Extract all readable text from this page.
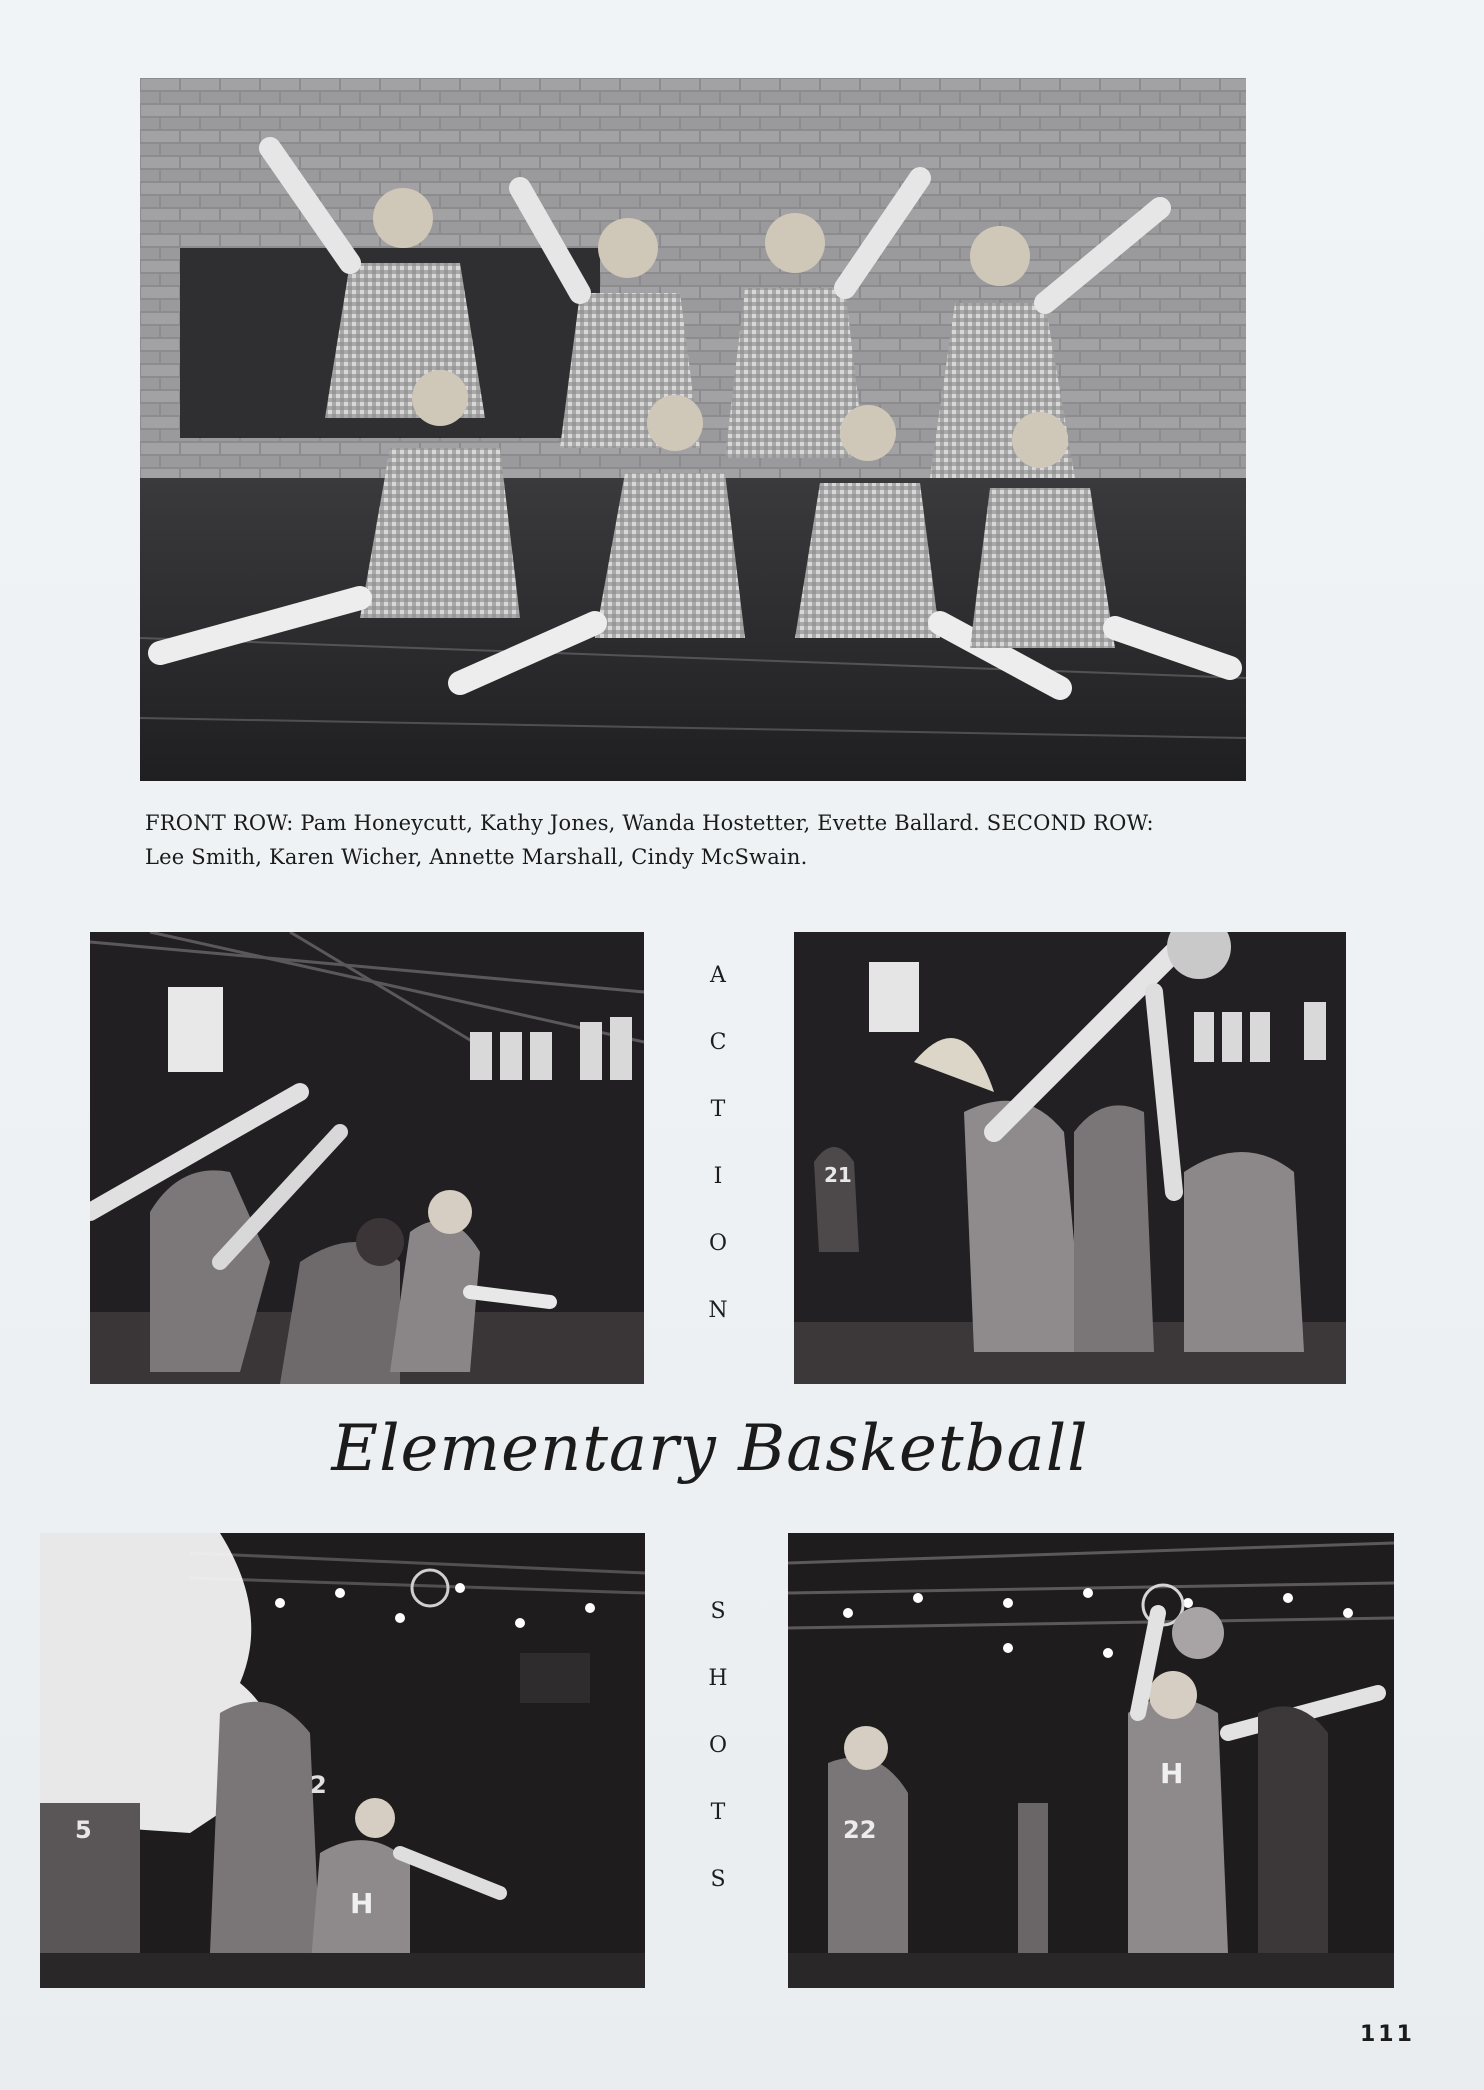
FRONT ROW: Pam Honeycutt, Kathy Jones, Wanda Hostetter, Evette Ballard. SECOND ROW:
Lee Smith, Karen Wicher, Annette Marshall, Cindy McSwain.
A
C
T
I
O
N
21
Elementary Basketball
5
2
H
S
H
O
T
S
22
H
111
